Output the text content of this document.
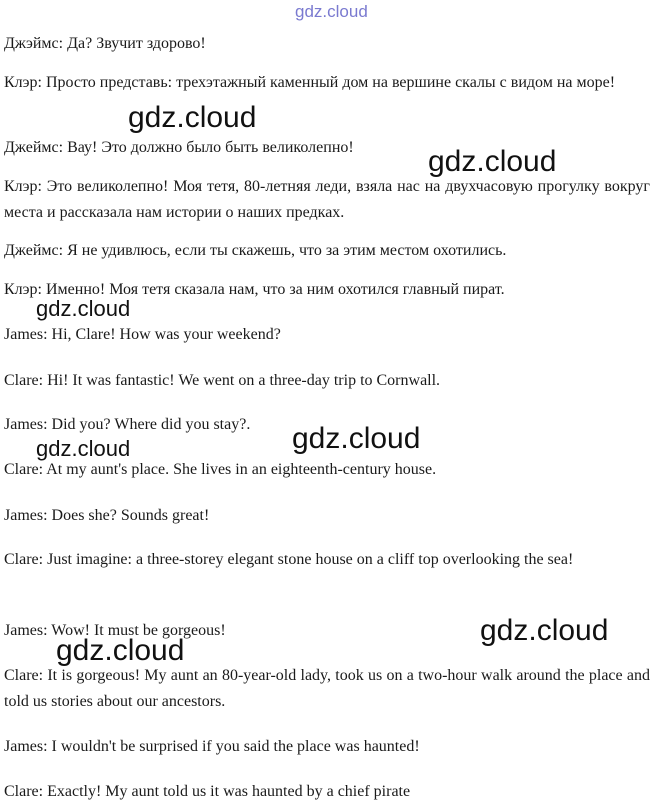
gdz.cloud

Джэймс: Да? Звучит здорово!

Клэр: Просто представь: трехэтажный каменный дом на вершине скалы с видом на море!

Джеймс: Вау! Это должно было быть великолепно!

Клэр: Это великолепно! Моя тетя, 80-летняя леди, взяла нас на двухчасовую прогулку вокруг места и рассказала нам истории о наших предках.

Джеймс: Я не удивлюсь, если ты скажешь, что за этим местом охотились.

Клэр: Именно! Моя тетя сказала нам, что за ним охотился главный пират.

James: Hi, Clare! How was your weekend?

Clare: Hi! It was fantastic! We went on a three-day trip to Cornwall.

James: Did you? Where did you stay?.

Clare: At my aunt's place. She lives in an eighteenth-century house.

James: Does she? Sounds great!

Clare: Just imagine: a three-storey elegant stone house on a cliff top overlooking the sea!

James: Wow! It must be gorgeous!

Clare: It is gorgeous! My aunt an 80-year-old lady, took us on a two-hour walk around the place and told us stories about our ancestors.

James: I wouldn't be surprised if you said the place was haunted!

Clare: Exactly! My aunt told us it was haunted by a chief pirate

gdz.cloud
gdz.cloud
gdz.cloud
gdz.cloud	gdz.cloud
gdz.cloud
gdz.cloud
